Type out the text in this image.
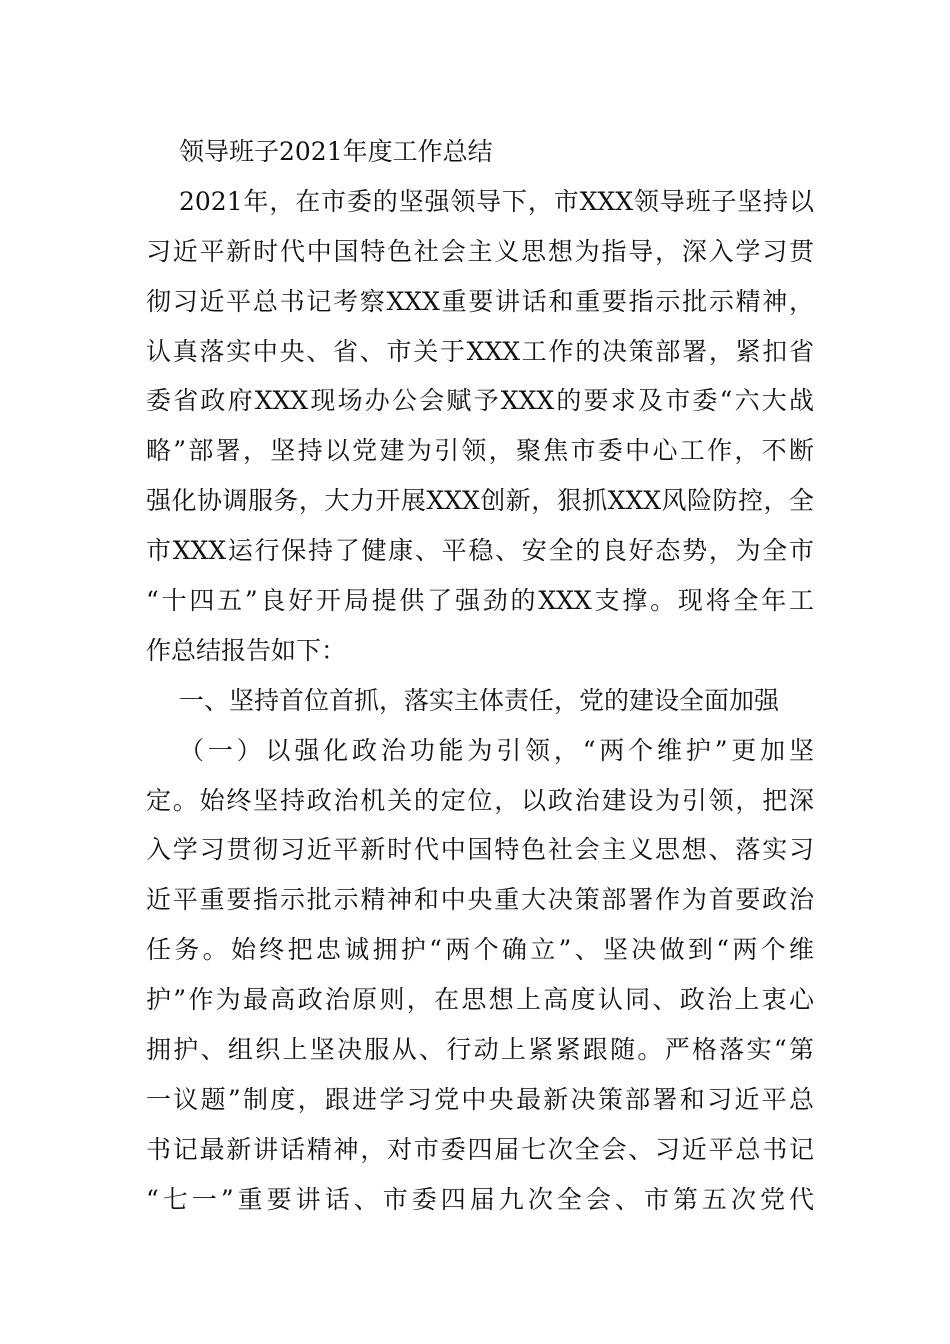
领导班子2021年度工作总结
2021年，在市委的坚强领导下，市XXX领导班子坚持以
习近平新时代中国特色社会主义思想为指导，深入学习贯
彻习近平总书记考察XXX重要讲话和重要指示批示精神，
认真落实中央、省、市关于XXX工作的决策部署，紧扣省
委省政府XXX现场办公会赋予XXX的要求及市委“六大战
略”部署，坚持以党建为引领，聚焦市委中心工作，不断
强化协调服务，大力开展XXX创新，狠抓XXX风险防控，全
市XXX运行保持了健康、平稳、安全的良好态势，为全市
“十四五”良好开局提供了强劲的XXX支撑。现将全年工
作总结报告如下：
一、坚持首位首抓，落实主体责任，党的建设全面加强
（一）以强化政治功能为引领，“两个维护”更加坚
定。始终坚持政治机关的定位，以政治建设为引领，把深
入学习贯彻习近平新时代中国特色社会主义思想、落实习
近平重要指示批示精神和中央重大决策部署作为首要政治
任务。始终把忠诚拥护“两个确立”、坚决做到“两个维
护”作为最高政治原则，在思想上高度认同、政治上衷心
拥护、组织上坚决服从、行动上紧紧跟随。严格落实“第
一议题”制度，跟进学习党中央最新决策部署和习近平总
书记最新讲话精神，对市委四届七次全会、习近平总书记
“七一”重要讲话、市委四届九次全会、市第五次党代
